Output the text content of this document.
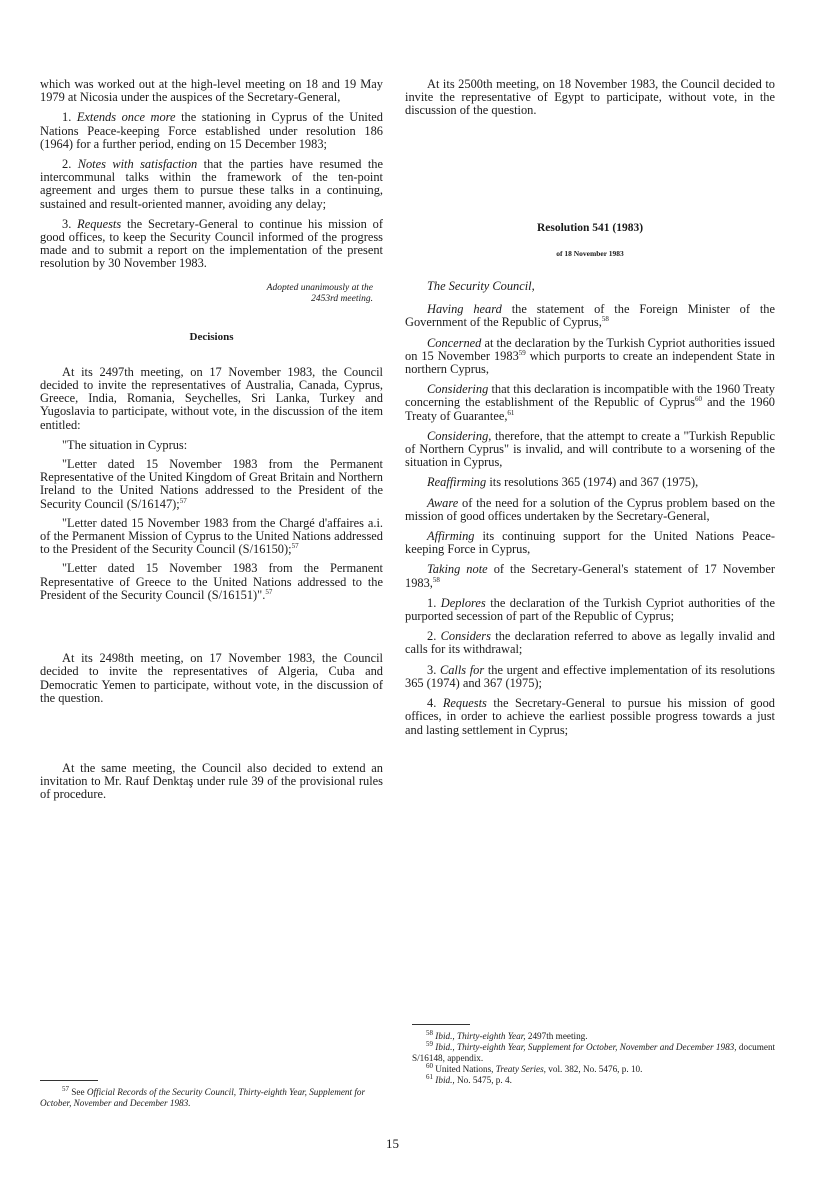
which was worked out at the high-level meeting on 18 and 19 May 1979 at Nicosia under the auspices of the Secretary-General,

1. Extends once more the stationing in Cyprus of the United Nations Peace-keeping Force established under resolution 186 (1964) for a further period, ending on 15 December 1983;

2. Notes with satisfaction that the parties have resumed the intercommunal talks within the framework of the ten-point agreement and urges them to pursue these talks in a continuing, sustained and result-oriented manner, avoiding any delay;

3. Requests the Secretary-General to continue his mission of good offices, to keep the Security Council informed of the progress made and to submit a report on the implementation of the present resolution by 30 November 1983.

Adopted unanimously at the
2453rd meeting.
Decisions

At its 2497th meeting, on 17 November 1983, the Council decided to invite the representatives of Australia, Canada, Cyprus, Greece, India, Romania, Seychelles, Sri Lanka, Turkey and Yugoslavia to participate, without vote, in the discussion of the item entitled:

"The situation in Cyprus:

"Letter dated 15 November 1983 from the Permanent Representative of the United Kingdom of Great Britain and Northern Ireland to the United Nations addressed to the President of the Security Council (S/16147);$^{57}$

"Letter dated 15 November 1983 from the Chargé d'affaires a.i. of the Permanent Mission of Cyprus to the United Nations addressed to the President of the Security Council (S/16150);$^{57}$

"Letter dated 15 November 1983 from the Permanent Representative of Greece to the United Nations addressed to the President of the Security Council (S/16151)".$^{57}$

At its 2498th meeting, on 17 November 1983, the Council decided to invite the representatives of Algeria, Cuba and Democratic Yemen to participate, without vote, in the discussion of the question.

At the same meeting, the Council also decided to extend an invitation to Mr. Rauf Denktaş under rule 39 of the provisional rules of procedure.

$^{57}$ See Official Records of the Security Council, Thirty-eighth Year, Supplement for October, November and December 1983.

At its 2500th meeting, on 18 November 1983, the Council decided to invite the representative of Egypt to participate, without vote, in the discussion of the question.

Resolution 541 (1983)
of 18 November 1983

The Security Council,

Having heard the statement of the Foreign Minister of the Government of the Republic of Cyprus,$^{58}$

Concerned at the declaration by the Turkish Cypriot authorities issued on 15 November 1983$^{59}$ which purports to create an independent State in northern Cyprus,

Considering that this declaration is incompatible with the 1960 Treaty concerning the establishment of the Republic of Cyprus$^{60}$ and the 1960 Treaty of Guarantee,$^{61}$

Considering, therefore, that the attempt to create a "Turkish Republic of Northern Cyprus" is invalid, and will contribute to a worsening of the situation in Cyprus,

Reaffirming its resolutions 365 (1974) and 367 (1975),

Aware of the need for a solution of the Cyprus problem based on the mission of good offices undertaken by the Secretary-General,

Affirming its continuing support for the United Nations Peace-keeping Force in Cyprus,

Taking note of the Secretary-General's statement of 17 November 1983,58

1. Deplores the declaration of the Turkish Cypriot authorities of the purported secession of part of the Republic of Cyprus;

2. Considers the declaration referred to above as legally invalid and calls for its withdrawal;

3. Calls for the urgent and effective implementation of its resolutions 365 (1974) and 367 (1975);

4. Requests the Secretary-General to pursue his mission of good offices, in order to achieve the earliest possible progress towards a just and lasting settlement in Cyprus;

$^{58}$ Ibid., Thirty-eighth Year, 2497th meeting.

$^{59}$ Ibid., Thirty-eighth Year, Supplement for October, November and December 1983, document S/16148, appendix.

$^{60}$ United Nations, Treaty Series, vol. 382, No. 5476, p. 10.

$^{61}$ Ibid., No. 5475, p. 4.

15
